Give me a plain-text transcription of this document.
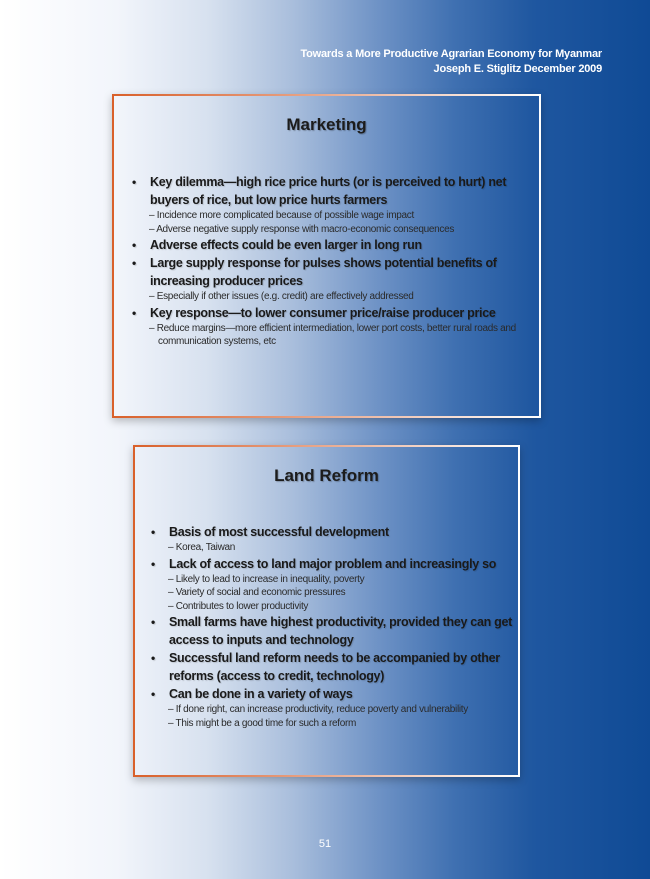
Towards a More Productive Agrarian Economy for Myanmar
Joseph E. Stiglitz December 2009
Marketing
• Key dilemma—high rice price hurts (or is perceived to hurt) net buyers of rice, but low price hurts farmers
– Incidence more complicated because of possible wage impact
– Adverse negative supply response with macro-economic consequences
• Adverse effects could be even larger in long run
• Large supply response for pulses shows potential benefits of increasing producer prices
– Especially if other issues (e.g. credit) are effectively addressed
• Key response—to lower consumer price/raise producer price
– Reduce margins—more efficient intermediation, lower port costs, better rural roads and communication systems, etc
Land Reform
• Basis of most successful development
– Korea, Taiwan
• Lack of access to land major problem and increasingly so
– Likely to lead to increase in inequality, poverty
– Variety of social and economic pressures
– Contributes to lower productivity
• Small farms have highest productivity, provided they can get access to inputs and technology
• Successful land reform needs to be accompanied by other reforms (access to credit, technology)
• Can be done in a variety of ways
– If done right, can increase productivity, reduce poverty and vulnerability
– This might be a good time for such a reform
51
